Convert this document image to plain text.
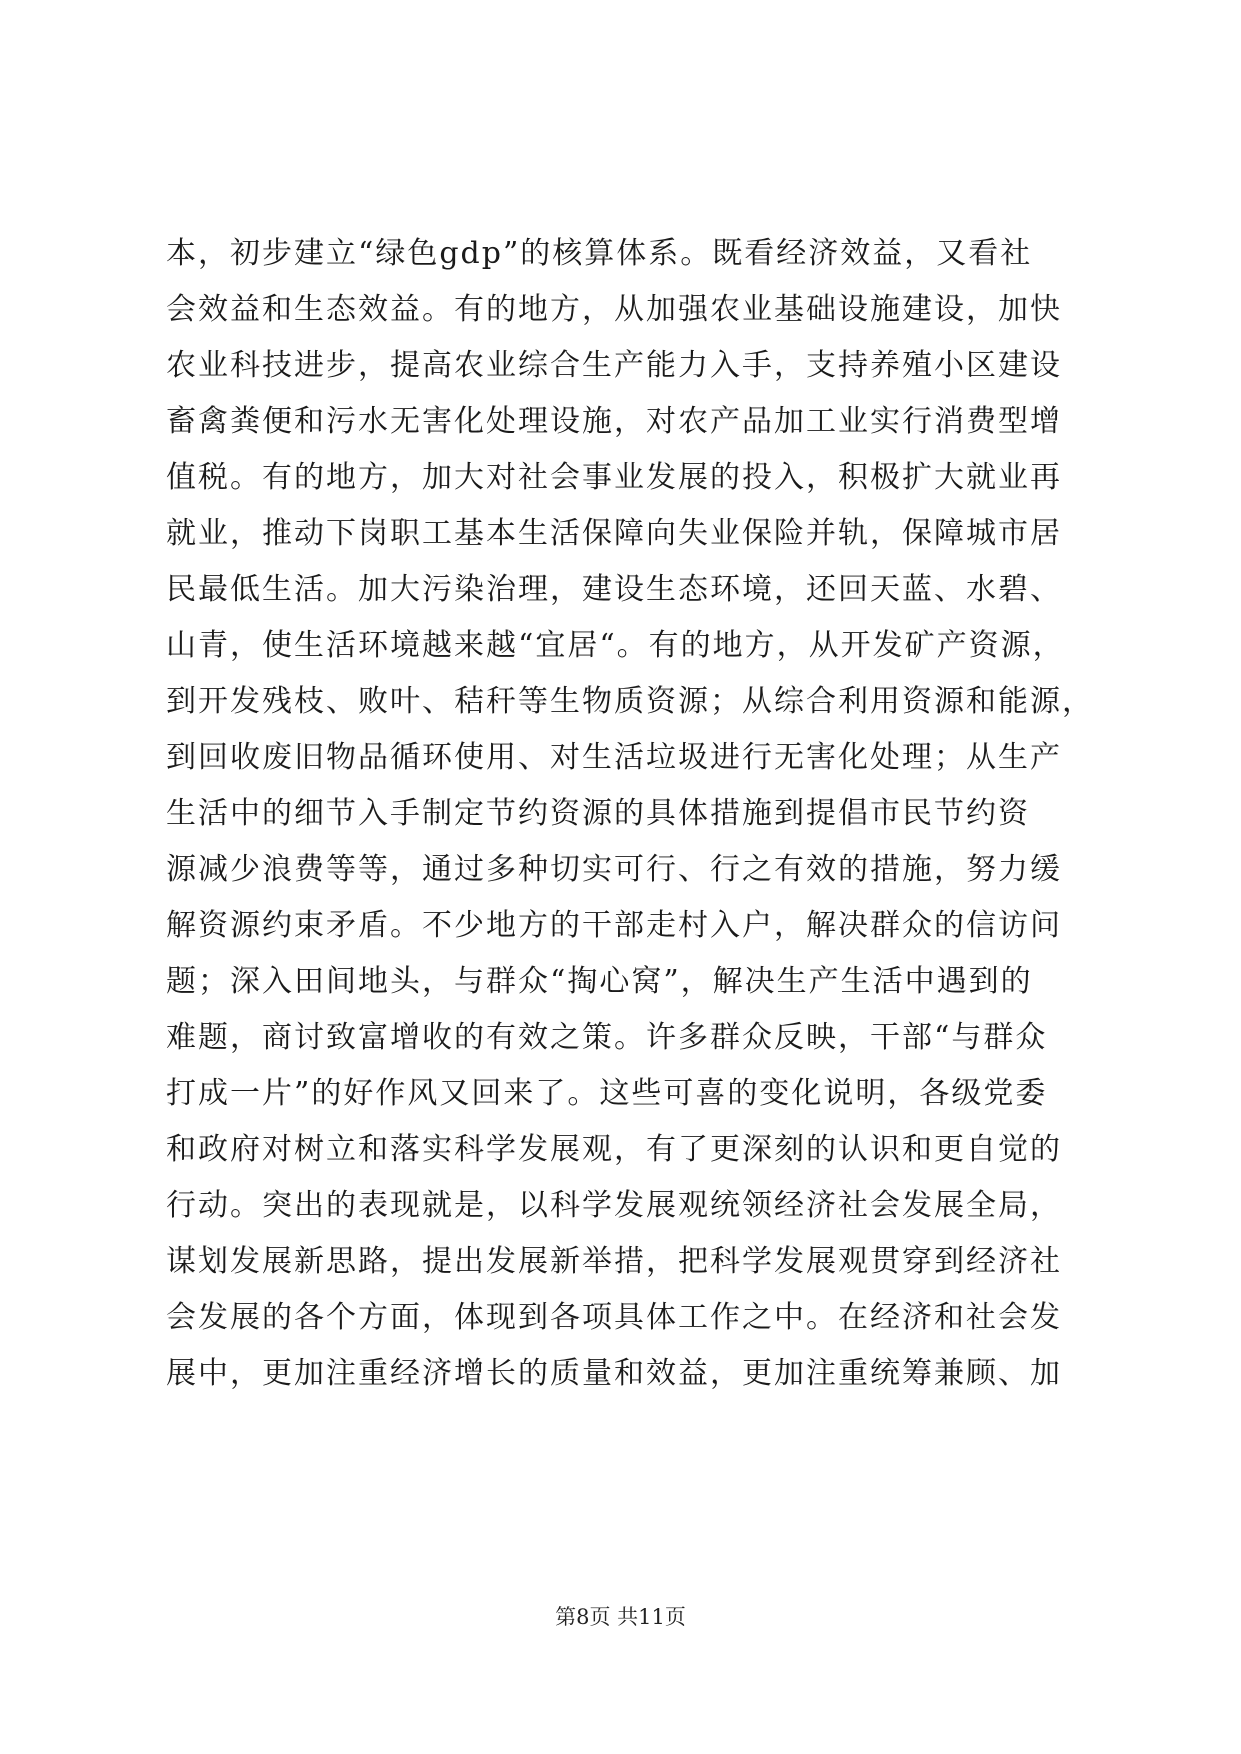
本，初步建立“绿色gdp”的核算体系。既看经济效益，又看社
会效益和生态效益。有的地方，从加强农业基础设施建设，加快
农业科技进步，提高农业综合生产能力入手，支持养殖小区建设
畜禽粪便和污水无害化处理设施，对农产品加工业实行消费型增
值税。有的地方，加大对社会事业发展的投入，积极扩大就业再
就业，推动下岗职工基本生活保障向失业保险并轨，保障城市居
民最低生活。加大污染治理，建设生态环境，还回天蓝、水碧、
山青，使生活环境越来越“宜居“。有的地方，从开发矿产资源，
到开发残枝、败叶、秸秆等生物质资源；从综合利用资源和能源，
到回收废旧物品循环使用、对生活垃圾进行无害化处理；从生产
生活中的细节入手制定节约资源的具体措施到提倡市民节约资
源减少浪费等等，通过多种切实可行、行之有效的措施，努力缓
解资源约束矛盾。不少地方的干部走村入户，解决群众的信访问
题；深入田间地头，与群众“掏心窝”，解决生产生活中遇到的
难题，商讨致富增收的有效之策。许多群众反映，干部“与群众
打成一片”的好作风又回来了。这些可喜的变化说明，各级党委
和政府对树立和落实科学发展观，有了更深刻的认识和更自觉的
行动。突出的表现就是，以科学发展观统领经济社会发展全局，
谋划发展新思路，提出发展新举措，把科学发展观贯穿到经济社
会发展的各个方面，体现到各项具体工作之中。在经济和社会发
展中，更加注重经济增长的质量和效益，更加注重统筹兼顾、加
第8页 共11页
